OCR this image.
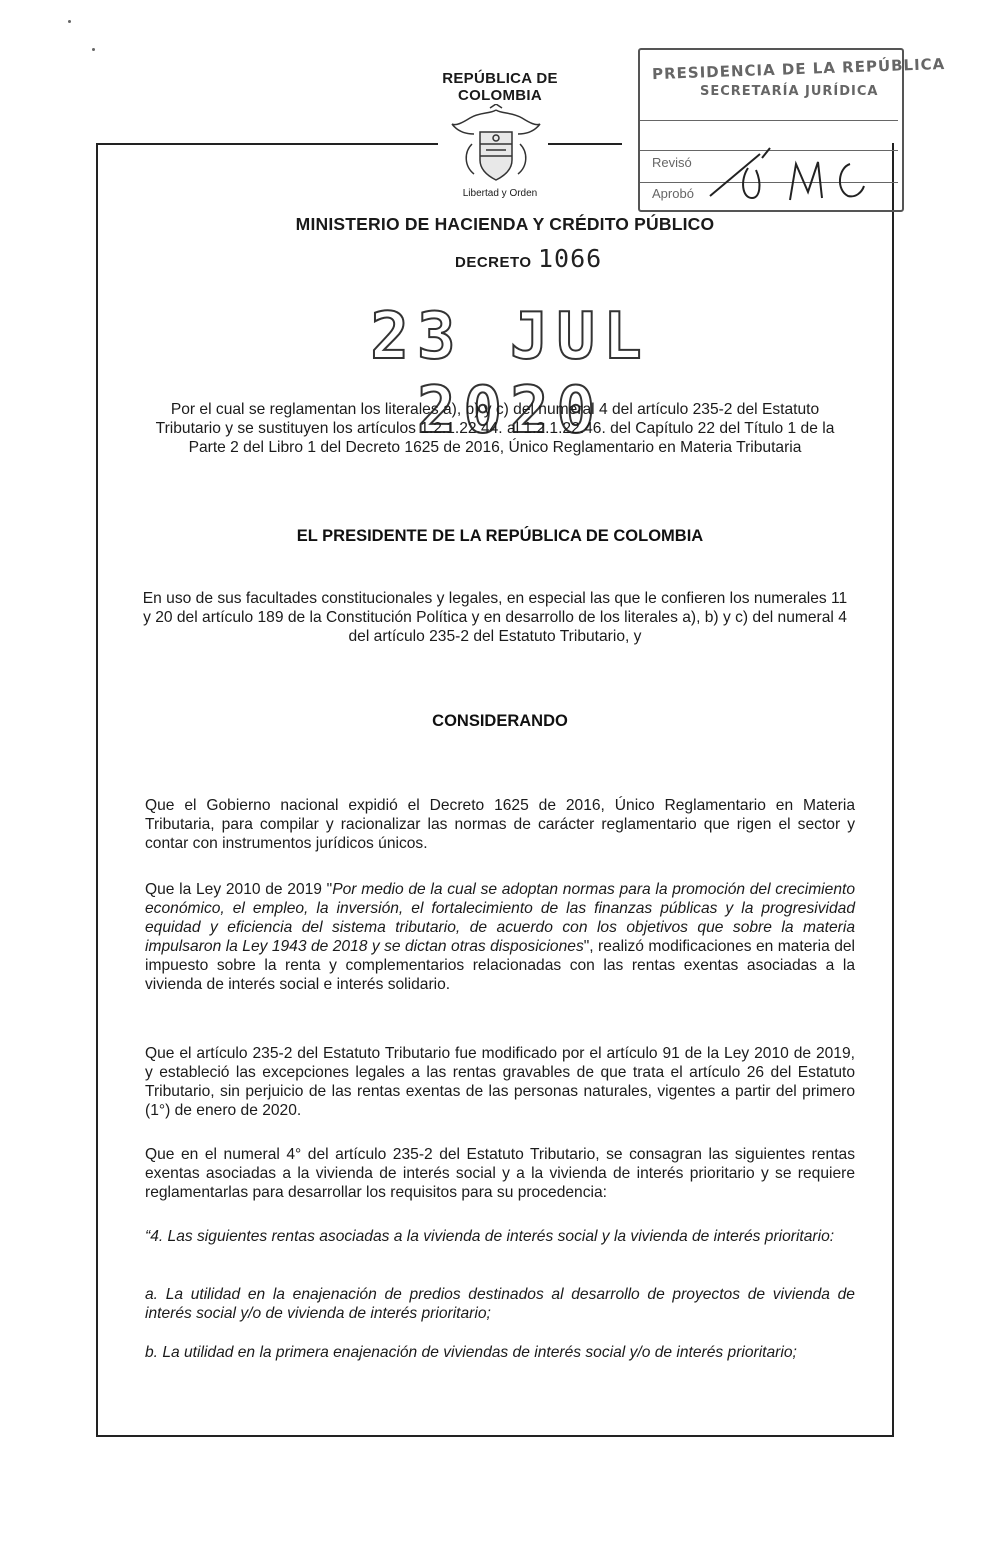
REPÚBLICA DE COLOMBIA
Libertad y Orden
PRESIDENCIA DE LA REPÚBLICA
SECRETARÍA JURÍDICA
Revisó
Aprobó
MINISTERIO DE HACIENDA Y CRÉDITO PÚBLICO
DECRETO 1066
23 JUL 2020
Por el cual se reglamentan los literales a), b) y c) del numeral 4 del artículo 235-2 del Estatuto Tributario y se sustituyen los artículos 1.2.1.22.44. al 1.2.1.22.46. del Capítulo 22 del Título 1 de la Parte 2 del Libro 1 del Decreto 1625 de 2016, Único Reglamentario en Materia Tributaria
EL PRESIDENTE DE LA REPÚBLICA DE COLOMBIA
En uso de sus facultades constitucionales y legales, en especial las que le confieren los numerales 11 y 20 del artículo 189 de la Constitución Política y en desarrollo de los literales a), b) y c) del numeral 4 del artículo 235-2 del Estatuto Tributario, y
CONSIDERANDO
Que el Gobierno nacional expidió el Decreto 1625 de 2016, Único Reglamentario en Materia Tributaria, para compilar y racionalizar las normas de carácter reglamentario que rigen el sector y contar con instrumentos jurídicos únicos.
Que la Ley 2010 de 2019 "Por medio de la cual se adoptan normas para la promoción del crecimiento económico, el empleo, la inversión, el fortalecimiento de las finanzas públicas y la progresividad equidad y eficiencia del sistema tributario, de acuerdo con los objetivos que sobre la materia impulsaron la Ley 1943 de 2018 y se dictan otras disposiciones", realizó modificaciones en materia del impuesto sobre la renta y complementarios relacionadas con las rentas exentas asociadas a la vivienda de interés social e interés solidario.
Que el artículo 235-2 del Estatuto Tributario fue modificado por el artículo 91 de la Ley 2010 de 2019, y estableció las excepciones legales a las rentas gravables de que trata el artículo 26 del Estatuto Tributario, sin perjuicio de las rentas exentas de las personas naturales, vigentes a partir del primero (1°) de enero de 2020.
Que en el numeral 4° del artículo 235-2 del Estatuto Tributario, se consagran las siguientes rentas exentas asociadas a la vivienda de interés social y a la vivienda de interés prioritario y se requiere reglamentarlas para desarrollar los requisitos para su procedencia:
“4. Las siguientes rentas asociadas a la vivienda de interés social y la vivienda de interés prioritario:
a. La utilidad en la enajenación de predios destinados al desarrollo de proyectos de vivienda de interés social y/o de vivienda de interés prioritario;
b. La utilidad en la primera enajenación de viviendas de interés social y/o de interés prioritario;
